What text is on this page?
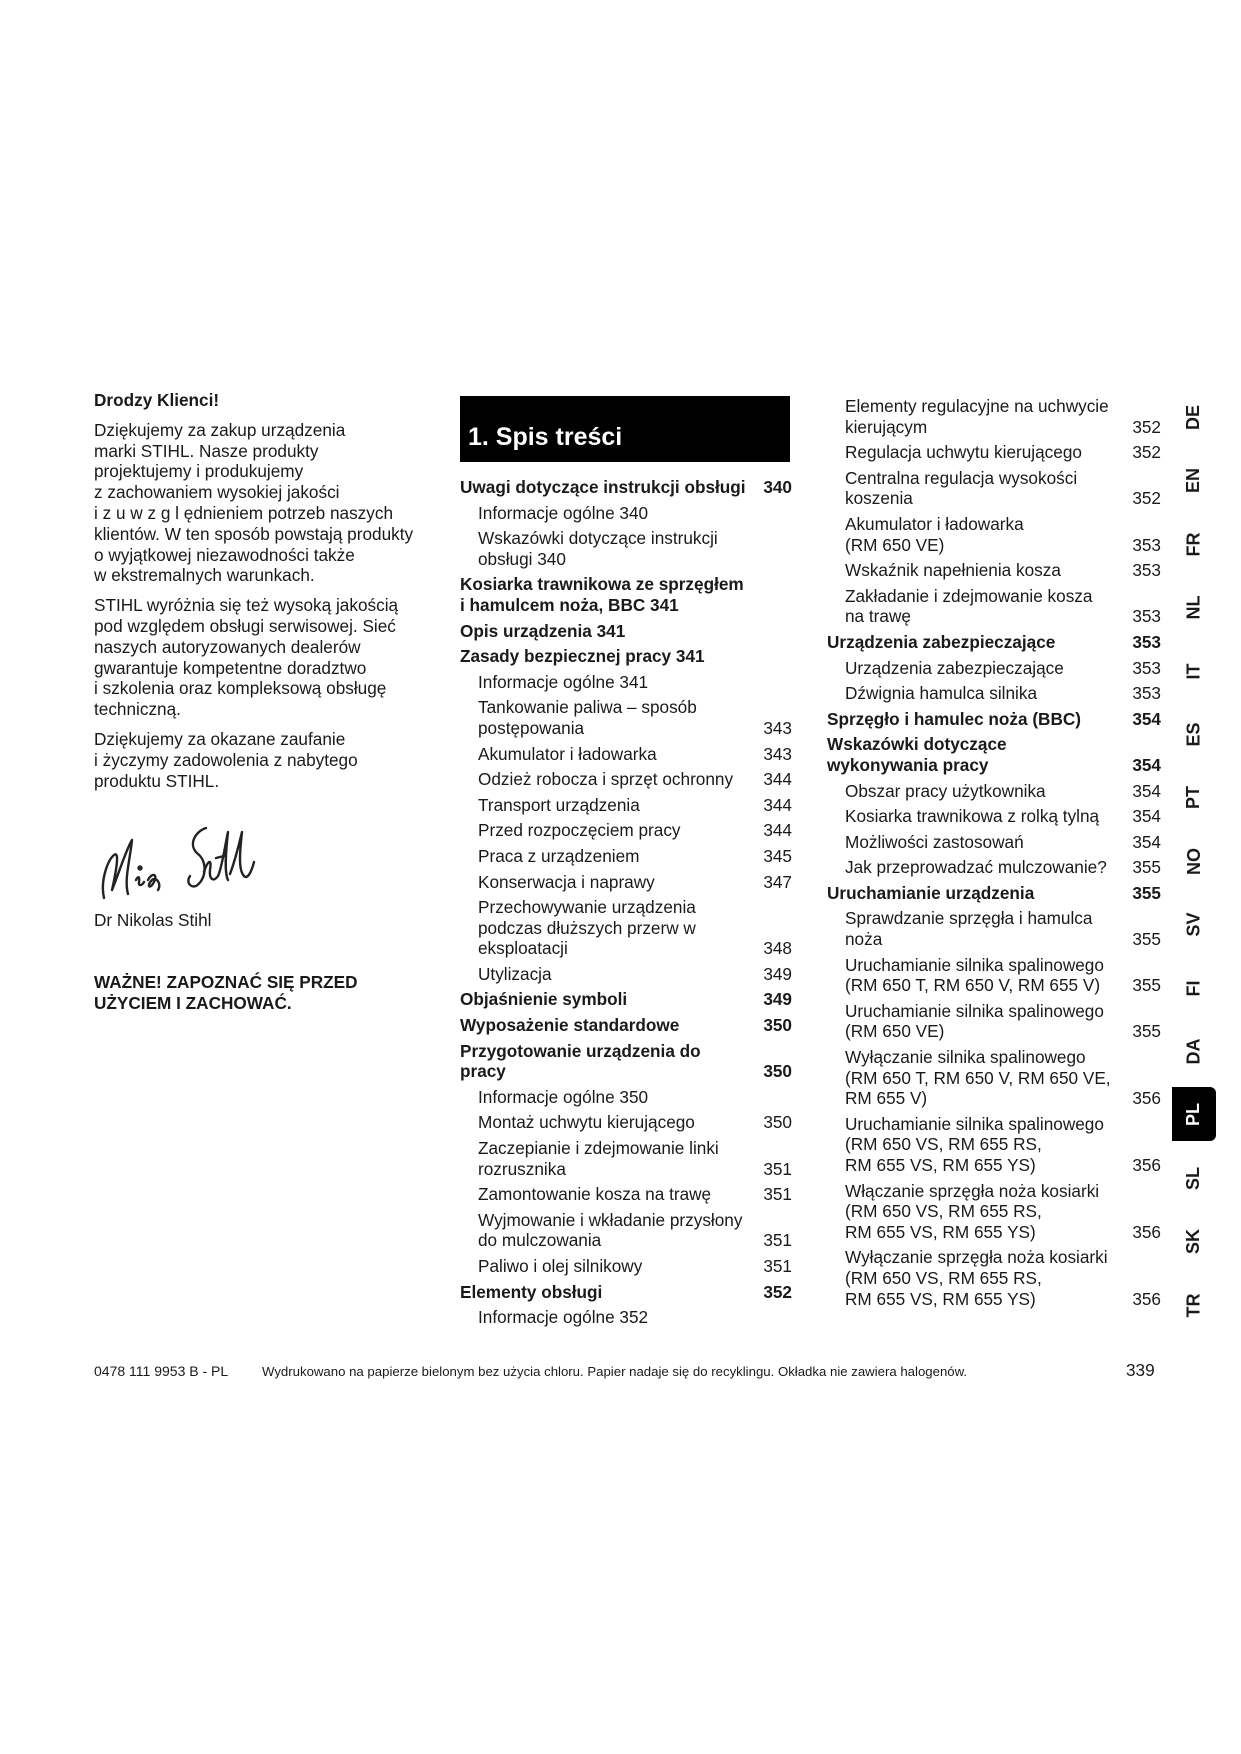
Drodzy Klienci!

Dziękujemy za zakup urządzenia
marki STIHL. Nasze produkty
projektujemy i produkujemy
z zachowaniem wysokiej jakości
i z u w z g l ędnieniem potrzeb naszych
klientów. W ten sposób powstają produkty
o wyjątkowej niezawodności także
w ekstremalnych warunkach.

STIHL wyróżnia się też wysoką jakością
pod względem obsługi serwisowej. Sieć
naszych autoryzowanych dealerów
gwarantuje kompetentne doradztwo
i szkolenia oraz kompleksową obsługę
techniczną.

Dziękujemy za okazane zaufanie
i życzymy zadowolenia z nabytego
produktu STIHL.

Dr Nikolas Stihl
WAŻNE! ZAPOZNAĆ SIĘ PRZED
UŻYCIEM I ZACHOWAĆ.
1. Spis treści
Uwagi dotyczące instrukcji obsługi 340
Informacje ogólne 340
Wskazówki dotyczące instrukcji
obsługi 340
Kosiarka trawnikowa ze sprzęgłem
i hamulcem noża, BBC 341
Opis urządzenia 341
Zasady bezpiecznej pracy 341
Informacje ogólne 341
Tankowanie paliwa – sposób
postępowania	343
Akumulator i ładowarka	343
Odzież robocza i sprzęt ochronny 344
Transport urządzenia	344
Przed rozpoczęciem pracy	344
Praca z urządzeniem	345
Konserwacja i naprawy	347
Przechowywanie urządzenia
podczas dłuższych przerw w
eksploatacji	348
Utylizacja	349
Objaśnienie symboli	349
Wyposażenie standardowe	350
Przygotowanie urządzenia do
pracy	350
Informacje ogólne 350
Montaż uchwytu kierującego	350
Zaczepianie i zdejmowanie linki
rozrusznika	351
Zamontowanie kosza na trawę	351
Wyjmowanie i wkładanie przysłony
do mulczowania	351
Paliwo i olej silnikowy	351
Elementy obsługi	352
Informacje ogólne 352
Elementy regulacyjne na uchwycie
kierującym	352
Regulacja uchwytu kierującego	352
Centralna regulacja wysokości
koszenia	352
Akumulator i ładowarka
(RM 650 VE)	353
Wskaźnik napełnienia kosza	353
Zakładanie i zdejmowanie kosza
na trawę	353
Urządzenia zabezpieczające	353
Urządzenia zabezpieczające	353
Dźwignia hamulca silnika	353
Sprzęgło i hamulec noża (BBC)	354
Wskazówki dotyczące
wykonywania pracy	354
Obszar pracy użytkownika	354
Kosiarka trawnikowa z rolką tylną 354
Możliwości zastosowań	354
Jak przeprowadzać mulczowanie? 355
Uruchamianie urządzenia	355
Sprawdzanie sprzęgła i hamulca
noża	355
Uruchamianie silnika spalinowego
(RM 650 T, RM 650 V, RM 655 V) 355
Uruchamianie silnika spalinowego
(RM 650 VE)	355
Wyłączanie silnika spalinowego
(RM 650 T, RM 650 V, RM 650 VE,
RM 655 V)	356
Uruchamianie silnika spalinowego
(RM 650 VS, RM 655 RS,
RM 655 VS, RM 655 YS)	356
Włączanie sprzęgła noża kosiarki
(RM 650 VS, RM 655 RS,
RM 655 VS, RM 655 YS)	356
Wyłączanie sprzęgła noża kosiarki
(RM 650 VS, RM 655 RS,
RM 655 VS, RM 655 YS)	356
DE
EN
FR
NL
IT
ES
PT
NO
SV
FI
DA
PL
SL
SK
TR
0478 111 9953 B - PL	Wydrukowano na papierze bielonym bez użycia chloru. Papier nadaje się do recyklingu. Okładka nie zawiera halogenów.	339
